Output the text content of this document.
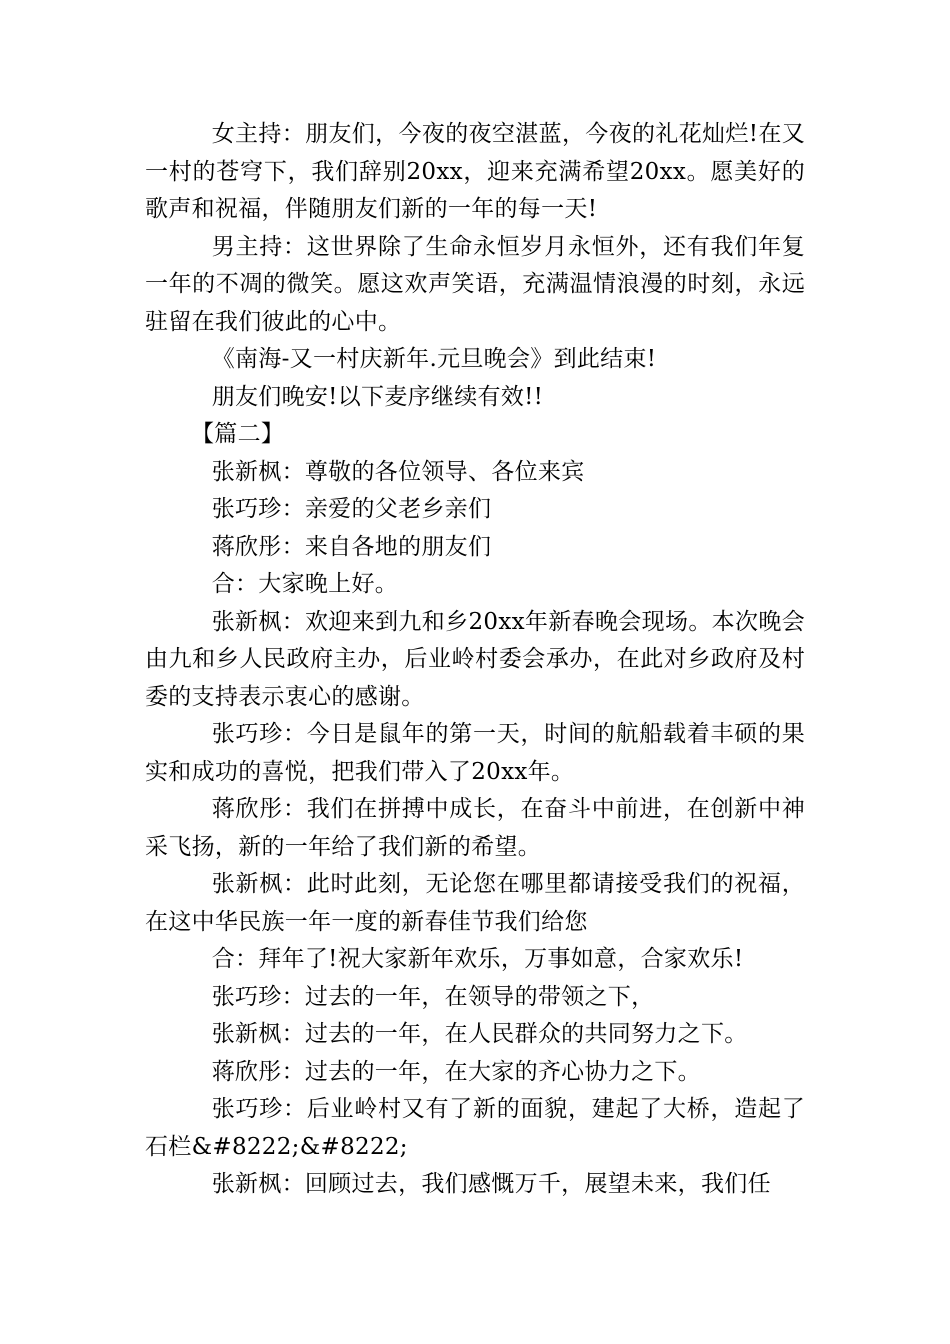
女主持：朋友们，今夜的夜空湛蓝，今夜的礼花灿烂!在又一村的苍穹下，我们辞别20xx，迎来充满希望20xx。愿美好的歌声和祝福，伴随朋友们新的一年的每一天!

男主持：这世界除了生命永恒岁月永恒外，还有我们年复一年的不凋的微笑。愿这欢声笑语，充满温情浪漫的时刻，永远驻留在我们彼此的心中。

《南海-又一村庆新年.元旦晚会》到此结束!

朋友们晚安!以下麦序继续有效!!

【篇二】

张新枫：尊敬的各位领导、各位来宾

张巧珍：亲爱的父老乡亲们

蒋欣彤：来自各地的朋友们

合：大家晚上好。

张新枫：欢迎来到九和乡20xx年新春晚会现场。本次晚会由九和乡人民政府主办，后业岭村委会承办，在此对乡政府及村委的支持表示衷心的感谢。

张巧珍：今日是鼠年的第一天，时间的航船载着丰硕的果实和成功的喜悦，把我们带入了20xx年。

蒋欣彤：我们在拼搏中成长，在奋斗中前进，在创新中神采飞扬，新的一年给了我们新的希望。

张新枫：此时此刻，无论您在哪里都请接受我们的祝福，在这中华民族一年一度的新春佳节我们给您

合：拜年了!祝大家新年欢乐，万事如意，合家欢乐!

张巧珍：过去的一年，在领导的带领之下，

张新枫：过去的一年，在人民群众的共同努力之下。

蒋欣彤：过去的一年，在大家的齐心协力之下。

张巧珍：后业岭村又有了新的面貌，建起了大桥，造起了石栏&#8222;&#8222;

张新枫：回顾过去，我们感慨万千，展望未来，我们任
